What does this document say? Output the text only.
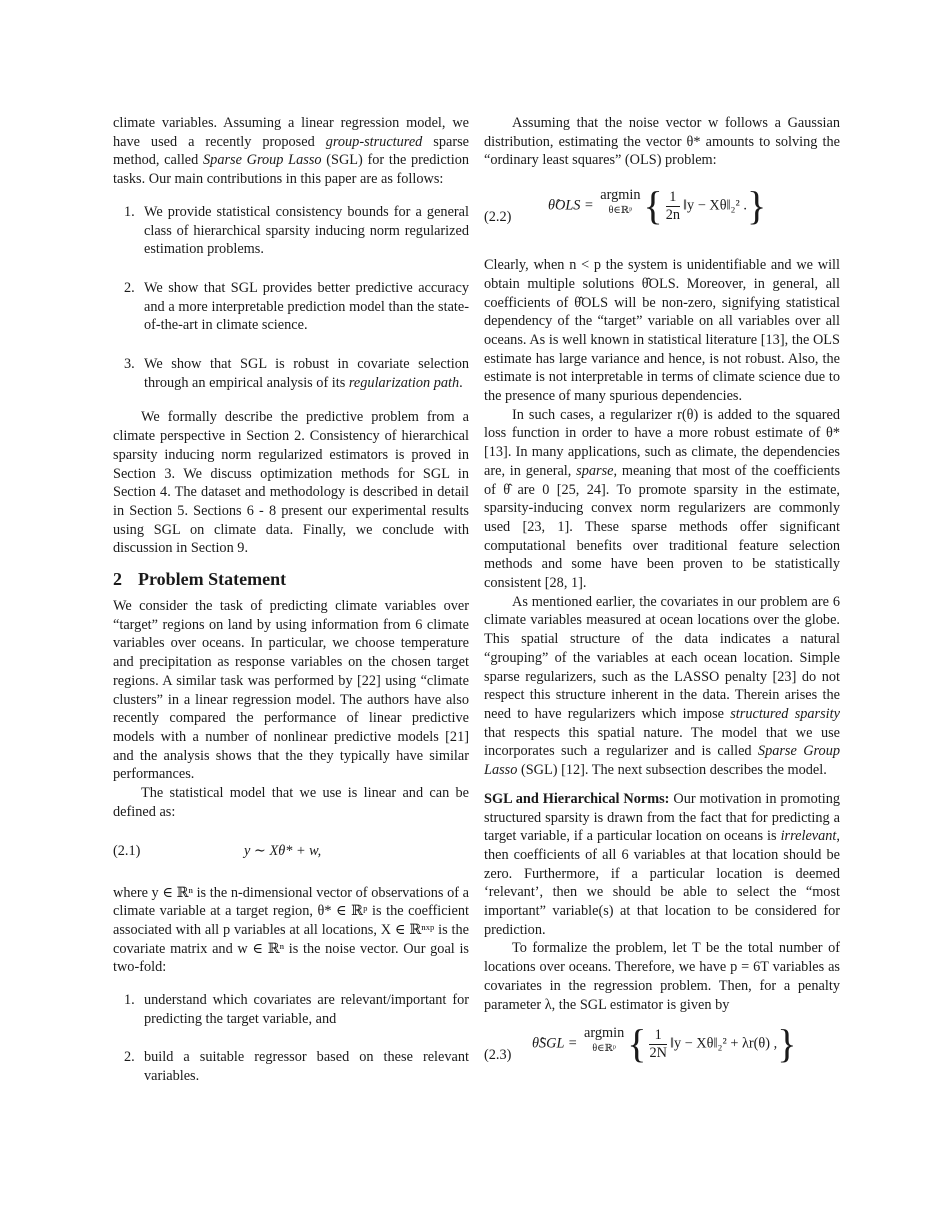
climate variables. Assuming a linear regression model, we have used a recently proposed group-structured sparse method, called Sparse Group Lasso (SGL) for the prediction tasks. Our main contributions in this paper are as follows:

1. We provide statistical consistency bounds for a general class of hierarchical sparsity inducing norm regularized estimation problems.
2. We show that SGL provides better predictive accuracy and a more interpretable prediction model than the state-of-the-art in climate science.
3. We show that SGL is robust in covariate selection through an empirical analysis of its regularization path.

We formally describe the predictive problem from a climate perspective in Section 2. Consistency of hierarchical sparsity inducing norm regularized estimators is proved in Section 3. We discuss optimization methods for SGL in Section 4. The dataset and methodology is described in detail in Section 5. Sections 6 - 8 present our experimental results using SGL on climate data. Finally, we conclude with discussion in Section 9.

2 Problem Statement

We consider the task of predicting climate variables over “target” regions on land by using information from 6 climate variables over oceans. In particular, we choose temperature and precipitation as response variables on the chosen target regions. A similar task was performed by [22] using “climate clusters” in a linear regression model. The authors have also recently compared the performance of linear predictive models with a number of nonlinear predictive models [21] and the analysis shows that the they typically have similar performances.

The statistical model that we use is linear and can be defined as:

(2.1)	y ∼ Xθ* + w,

where y ∈ ℝⁿ is the n-dimensional vector of observations of a climate variable at a target region, θ* ∈ ℝᵖ is the coefficient associated with all p variables at all locations, X ∈ ℝⁿˣᵖ is the covariate matrix and w ∈ ℝⁿ is the noise vector. Our goal is two-fold:

1. understand which covariates are relevant/important for predicting the target variable, and
2. build a suitable regressor based on these relevant variables.

Assuming that the noise vector w follows a Gaussian distribution, estimating the vector θ* amounts to solving the “ordinary least squares” (OLS) problem:

(2.2)
θ̂OLS = argmin
θ∈ℝᵖ { $\frac{1}{2n}$ ‖y − Xθ‖₂² .}

Clearly, when n < p the system is unidentifiable and we will obtain multiple solutions θ̂OLS. Moreover, in general, all coefficients of θ̂OLS will be non-zero, signifying statistical dependency of the “target” variable on all variables over all oceans. As is well known in statistical literature [13], the OLS estimate has large variance and hence, is not robust. Also, the estimate is not interpretable in terms of climate science due to the presence of many spurious dependencies.

In such cases, a regularizer r(θ) is added to the squared loss function in order to have a more robust estimate of θ* [13]. In many applications, such as climate, the dependencies are, in general, sparse, meaning that most of the coefficients of θ̂ are 0 [25, 24]. To promote sparsity in the estimate, sparsity-inducing convex norm regularizers are commonly used [23, 1]. These sparse methods offer significant computational benefits over traditional feature selection methods and some have been proven to be statistically consistent [28, 1].

As mentioned earlier, the covariates in our problem are 6 climate variables measured at ocean locations over the globe. This spatial structure of the data indicates a natural “grouping” of the variables at each ocean location. Simple sparse regularizers, such as the LASSO penalty [23] do not respect this structure inherent in the data. Therein arises the need to have regularizers which impose structured sparsity that respects this spatial nature. The model that we use incorporates such a regularizer and is called Sparse Group Lasso (SGL) [12]. The next subsection describes the model.

SGL and Hierarchical Norms: Our motivation in promoting structured sparsity is drawn from the fact that for predicting a target variable, if a particular location on oceans is irrelevant, then coefficients of all 6 variables at that location should be zero. Furthermore, if a particular location is deemed ‘relevant’, then we should be able to select the “most important” variable(s) at that location to be considered for prediction.

To formalize the problem, let T be the total number of locations over oceans. Therefore, we have p = 6T variables as covariates in the regression problem. Then, for a penalty parameter λ, the SGL estimator is given by

(2.3)
θ̂SGL = argmin
θ∈ℝᵖ { $\frac{1}{2N}$ ‖y − Xθ‖₂² + λr(θ) ,}
